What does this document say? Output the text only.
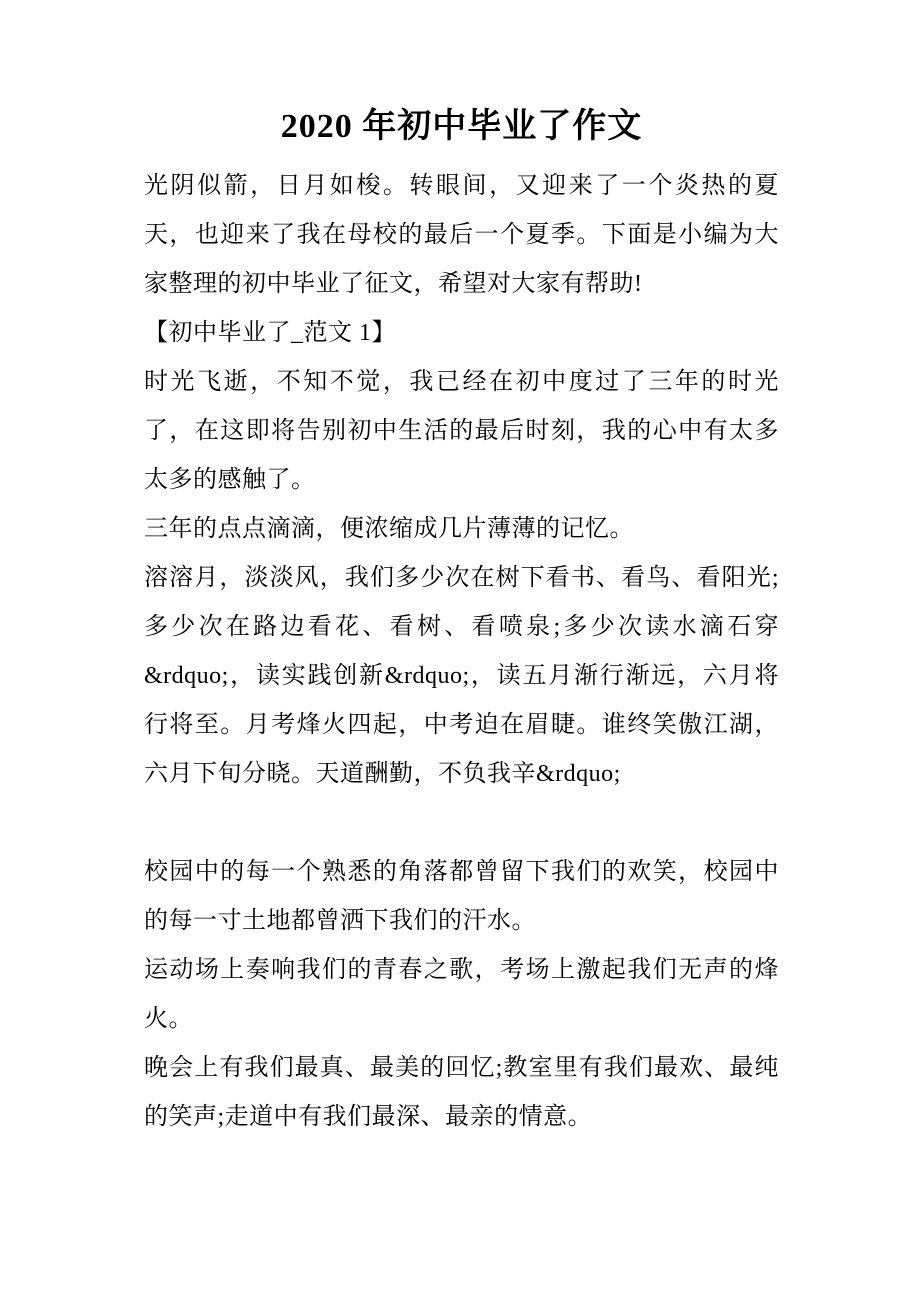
2020 年初中毕业了作文

光阴似箭，日月如梭。转眼间，又迎来了一个炎热的夏天，也迎来了我在母校的最后一个夏季。下面是小编为大家整理的初中毕业了征文，希望对大家有帮助!

【初中毕业了_范文 1】

时光飞逝，不知不觉，我已经在初中度过了三年的时光了，在这即将告别初中生活的最后时刻，我的心中有太多太多的感触了。

三年的点点滴滴，便浓缩成几片薄薄的记忆。

溶溶月，淡淡风，我们多少次在树下看书、看鸟、看阳光;多少次在路边看花、看树、看喷泉;多少次读水滴石穿&rdquo;，读实践创新&rdquo;，读五月渐行渐远，六月将行将至。月考烽火四起，中考迫在眉睫。谁终笑傲江湖，六月下旬分晓。天道酬勤，不负我辛&rdquo;

校园中的每一个熟悉的角落都曾留下我们的欢笑，校园中的每一寸土地都曾洒下我们的汗水。

运动场上奏响我们的青春之歌，考场上激起我们无声的烽火。

晚会上有我们最真、最美的回忆;教室里有我们最欢、最纯的笑声;走道中有我们最深、最亲的情意。
